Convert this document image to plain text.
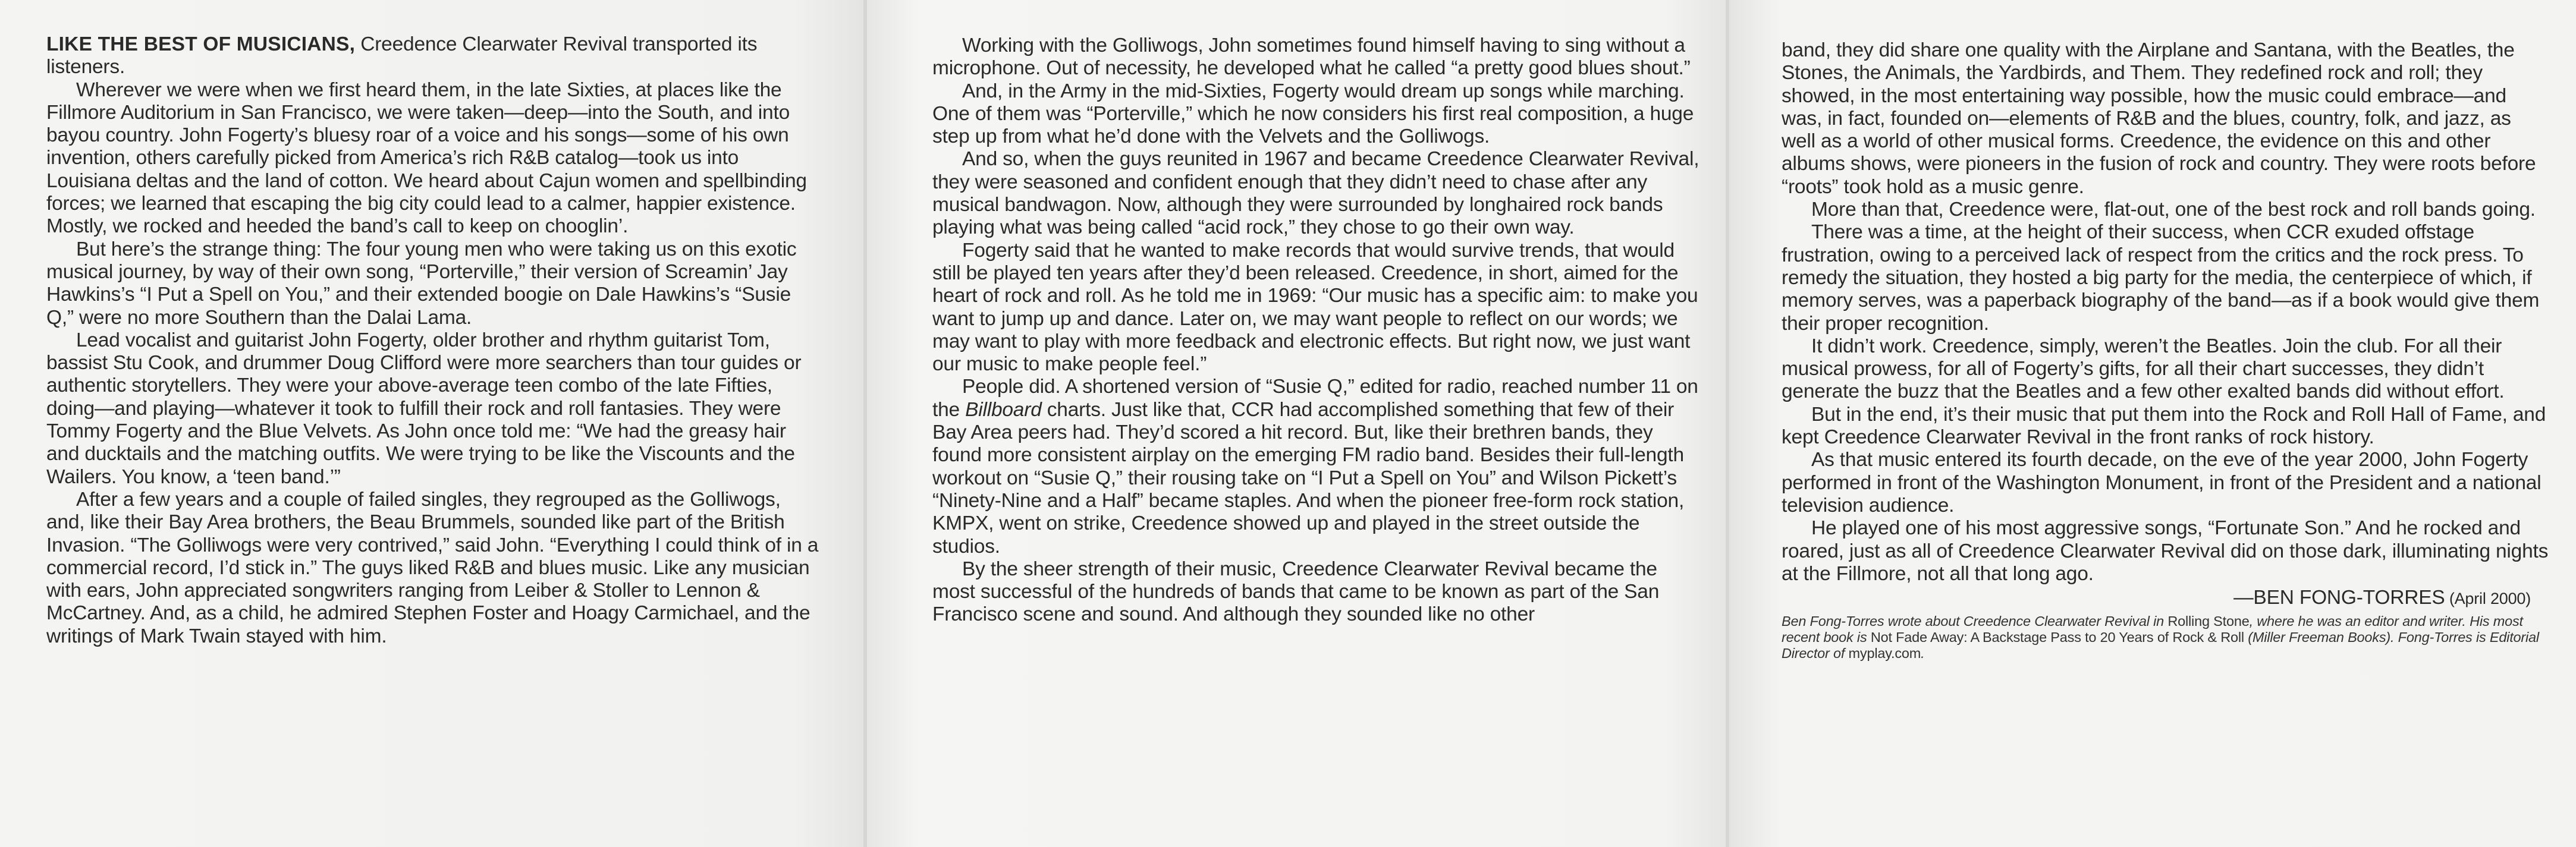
LIKE THE BEST OF MUSICIANS, Creedence Clearwater Revival transported its listeners.

Wherever we were when we first heard them, in the late Sixties, at places like the Fillmore Auditorium in San Francisco, we were taken—deep—into the South, and into bayou country. John Fogerty’s bluesy roar of a voice and his songs—some of his own invention, others carefully picked from America’s rich R&B catalog—took us into Louisiana deltas and the land of cotton. We heard about Cajun women and spellbinding forces; we learned that escaping the big city could lead to a calmer, happier existence. Mostly, we rocked and heeded the band’s call to keep on chooglin’.

But here’s the strange thing: The four young men who were taking us on this exotic musical journey, by way of their own song, “Porterville,” their version of Screamin’ Jay Hawkins’s “I Put a Spell on You,” and their extended boogie on Dale Hawkins’s “Susie Q,” were no more Southern than the Dalai Lama.

Lead vocalist and guitarist John Fogerty, older brother and rhythm guitarist Tom, bassist Stu Cook, and drummer Doug Clifford were more searchers than tour guides or authentic storytellers. They were your above-average teen combo of the late Fifties, doing—and playing—whatever it took to fulfill their rock and roll fantasies. They were Tommy Fogerty and the Blue Velvets. As John once told me: “We had the greasy hair and ducktails and the matching outfits. We were trying to be like the Viscounts and the Wailers. You know, a ‘teen band.’”

After a few years and a couple of failed singles, they regrouped as the Golliwogs, and, like their Bay Area brothers, the Beau Brummels, sounded like part of the British Invasion. “The Golliwogs were very contrived,” said John. “Everything I could think of in a commercial record, I’d stick in.” The guys liked R&B and blues music. Like any musician with ears, John appreciated songwriters ranging from Leiber & Stoller to Lennon & McCartney. And, as a child, he admired Stephen Foster and Hoagy Carmichael, and the writings of Mark Twain stayed with him.

Working with the Golliwogs, John sometimes found himself having to sing without a microphone. Out of necessity, he developed what he called “a pretty good blues shout.”

And, in the Army in the mid-Sixties, Fogerty would dream up songs while marching. One of them was “Porterville,” which he now considers his first real composition, a huge step up from what he’d done with the Velvets and the Golliwogs.

And so, when the guys reunited in 1967 and became Creedence Clearwater Revival, they were seasoned and confident enough that they didn’t need to chase after any musical bandwagon. Now, although they were surrounded by longhaired rock bands playing what was being called “acid rock,” they chose to go their own way.

Fogerty said that he wanted to make records that would survive trends, that would still be played ten years after they’d been released. Creedence, in short, aimed for the heart of rock and roll. As he told me in 1969: “Our music has a specific aim: to make you want to jump up and dance. Later on, we may want people to reflect on our words; we may want to play with more feedback and electronic effects. But right now, we just want our music to make people feel.”

People did. A shortened version of “Susie Q,” edited for radio, reached number 11 on the Billboard charts. Just like that, CCR had accomplished something that few of their Bay Area peers had. They’d scored a hit record. But, like their brethren bands, they found more consistent airplay on the emerging FM radio band. Besides their full-length workout on “Susie Q,” their rousing take on “I Put a Spell on You” and Wilson Pickett’s “Ninety-Nine and a Half” became staples. And when the pioneer free-form rock station, KMPX, went on strike, Creedence showed up and played in the street outside the studios.

By the sheer strength of their music, Creedence Clearwater Revival became the most successful of the hundreds of bands that came to be known as part of the San Francisco scene and sound. And although they sounded like no other

band, they did share one quality with the Airplane and Santana, with the Beatles, the Stones, the Animals, the Yardbirds, and Them. They redefined rock and roll; they showed, in the most entertaining way possible, how the music could embrace—and was, in fact, founded on—elements of R&B and the blues, country, folk, and jazz, as well as a world of other musical forms. Creedence, the evidence on this and other albums shows, were pioneers in the fusion of rock and country. They were roots before “roots” took hold as a music genre.

More than that, Creedence were, flat-out, one of the best rock and roll bands going.

There was a time, at the height of their success, when CCR exuded offstage frustration, owing to a perceived lack of respect from the critics and the rock press. To remedy the situation, they hosted a big party for the media, the centerpiece of which, if memory serves, was a paperback biography of the band—as if a book would give them their proper recognition.

It didn’t work. Creedence, simply, weren’t the Beatles. Join the club. For all their musical prowess, for all of Fogerty’s gifts, for all their chart successes, they didn’t generate the buzz that the Beatles and a few other exalted bands did without effort.

But in the end, it’s their music that put them into the Rock and Roll Hall of Fame, and kept Creedence Clearwater Revival in the front ranks of rock history.

As that music entered its fourth decade, on the eve of the year 2000, John Fogerty performed in front of the Washington Monument, in front of the President and a national television audience.

He played one of his most aggressive songs, “Fortunate Son.” And he rocked and roared, just as all of Creedence Clearwater Revival did on those dark, illuminating nights at the Fillmore, not all that long ago.

—BEN FONG-TORRES (April 2000)
Ben Fong-Torres wrote about Creedence Clearwater Revival in Rolling Stone, where he was an editor and writer. His most recent book is Not Fade Away: A Backstage Pass to 20 Years of Rock & Roll (Miller Freeman Books). Fong-Torres is Editorial Director of myplay.com.
